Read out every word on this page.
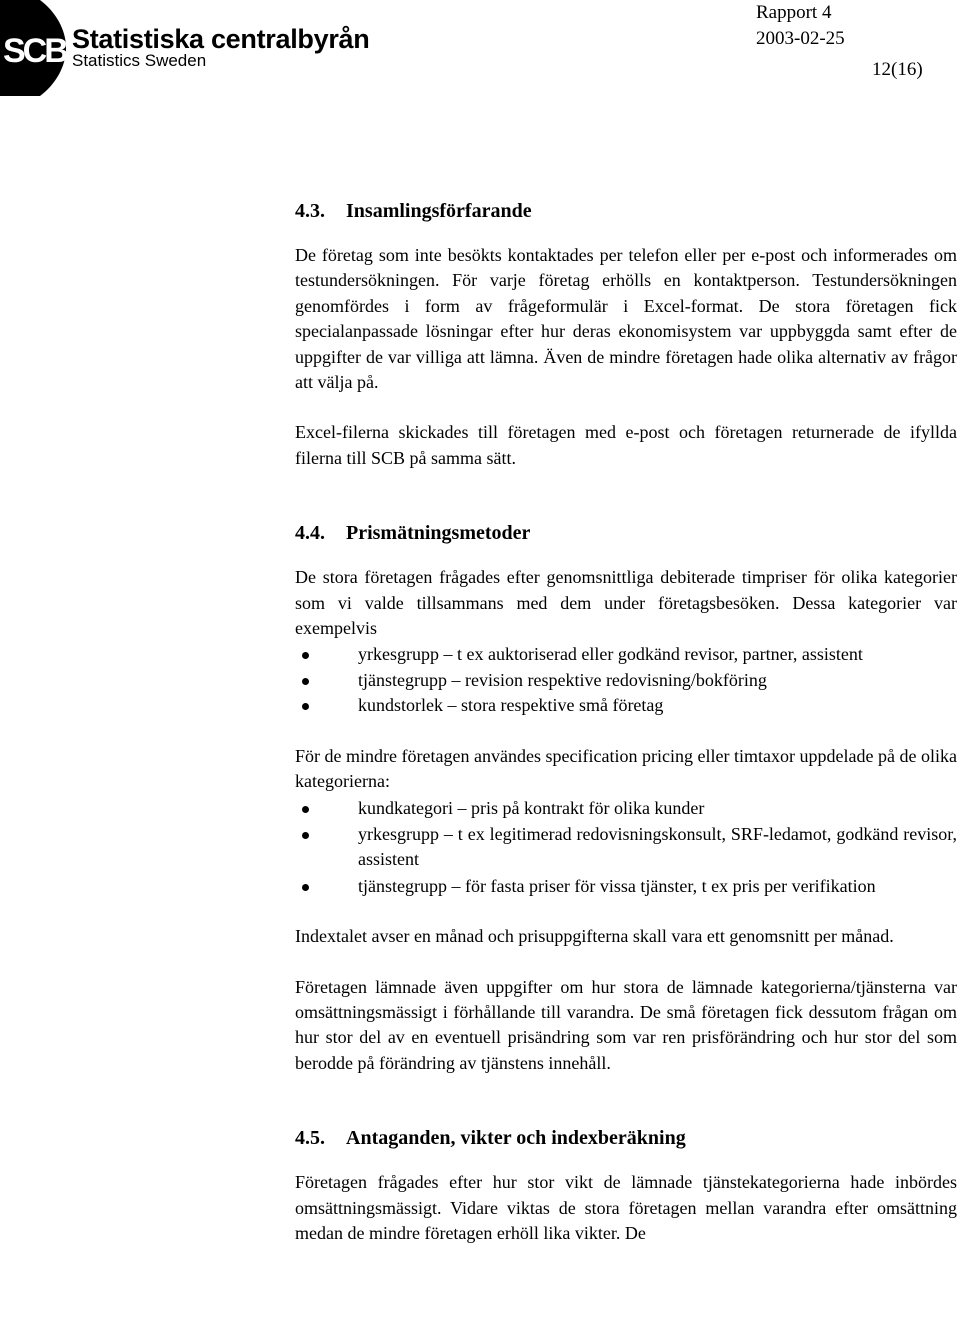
SCB Statistiska centralbyrån
Statistics Sweden
Rapport 4
2003-02-25
12(16)
4.3. Insamlingsförfarande

De företag som inte besökts kontaktades per telefon eller per e-post och informerades om testundersökningen. För varje företag erhölls en kontaktperson. Testundersökningen genomfördes i form av frågeformulär i Excel-format. De stora företagen fick specialanpassade lösningar efter hur deras ekonomisystem var uppbyggda samt efter de uppgifter de var villiga att lämna. Även de mindre företagen hade olika alternativ av frågor att välja på.

Excel-filerna skickades till företagen med e-post och företagen returnerade de ifyllda filerna till SCB på samma sätt.

4.4. Prismätningsmetoder

De stora företagen frågades efter genomsnittliga debiterade timpriser för olika kategorier som vi valde tillsammans med dem under företagsbesöken. Dessa kategorier var exempelvis

yrkesgrupp – t ex auktoriserad eller godkänd revisor, partner, assistent
tjänstegrupp – revision respektive redovisning/bokföring
kundstorlek – stora respektive små företag

För de mindre företagen användes specification pricing eller timtaxor uppdelade på de olika kategorierna:

kundkategori – pris på kontrakt för olika kunder
yrkesgrupp – t ex legitimerad redovisningskonsult, SRF-ledamot, godkänd revisor, assistent
tjänstegrupp – för fasta priser för vissa tjänster, t ex pris per verifikation

Indextalet avser en månad och prisuppgifterna skall vara ett genomsnitt per månad.

Företagen lämnade även uppgifter om hur stora de lämnade kategorierna/tjänsterna var omsättningsmässigt i förhållande till varandra. De små företagen fick dessutom frågan om hur stor del av en eventuell prisändring som var ren prisförändring och hur stor del som berodde på förändring av tjänstens innehåll.

4.5. Antaganden, vikter och indexberäkning

Företagen frågades efter hur stor vikt de lämnade tjänstekategorierna hade inbördes omsättningsmässigt. Vidare viktas de stora företagen mellan varandra efter omsättning medan de mindre företagen erhöll lika vikter. De
